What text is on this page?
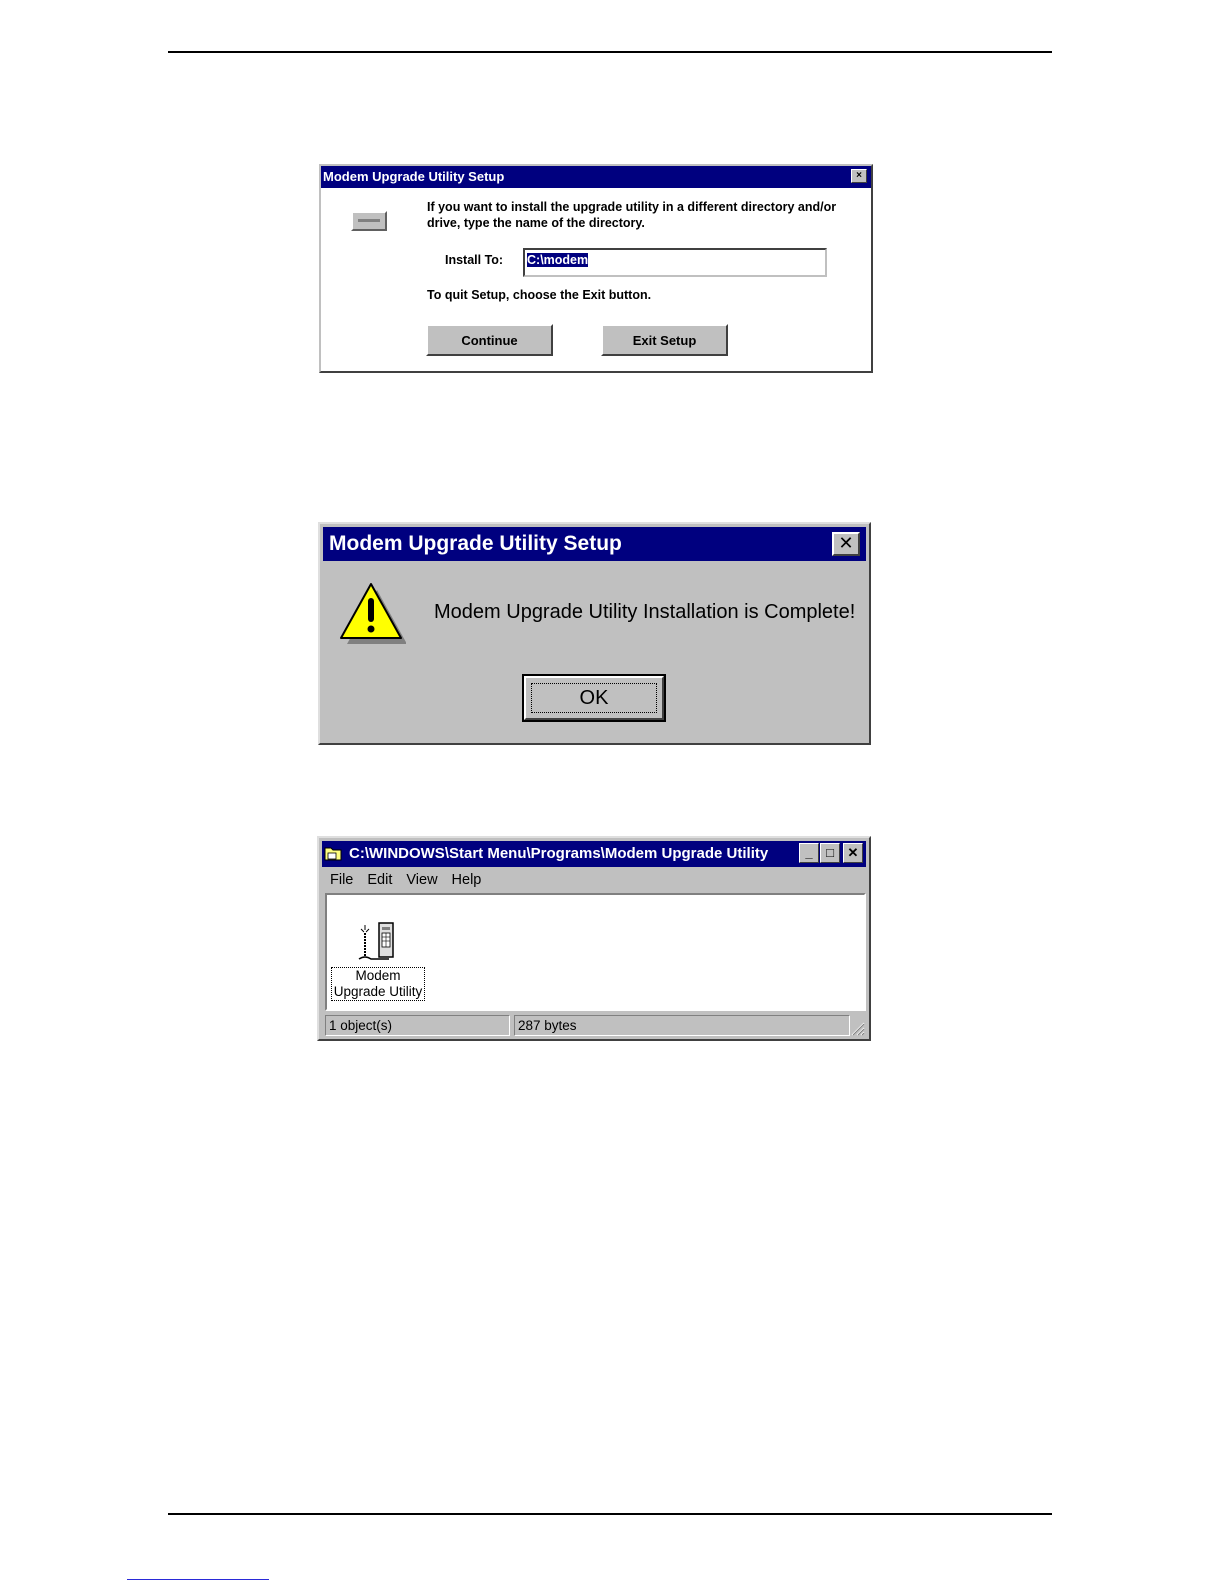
Modem Upgrade Utility Setup	×
If you want to install the upgrade utility in a different directory and/or drive, type the name of the directory.
Install To:	C:\modem
To quit Setup, choose the Exit button.
Continue	Exit Setup
Modem Upgrade Utility Setup	✕
Modem Upgrade Utility Installation is Complete!
OK
C:\WINDOWS\Start Menu\Programs\Modem Upgrade Utility	_	□	✕
File Edit View Help
Modem
Upgrade Utility
1 object(s)	287 bytes
